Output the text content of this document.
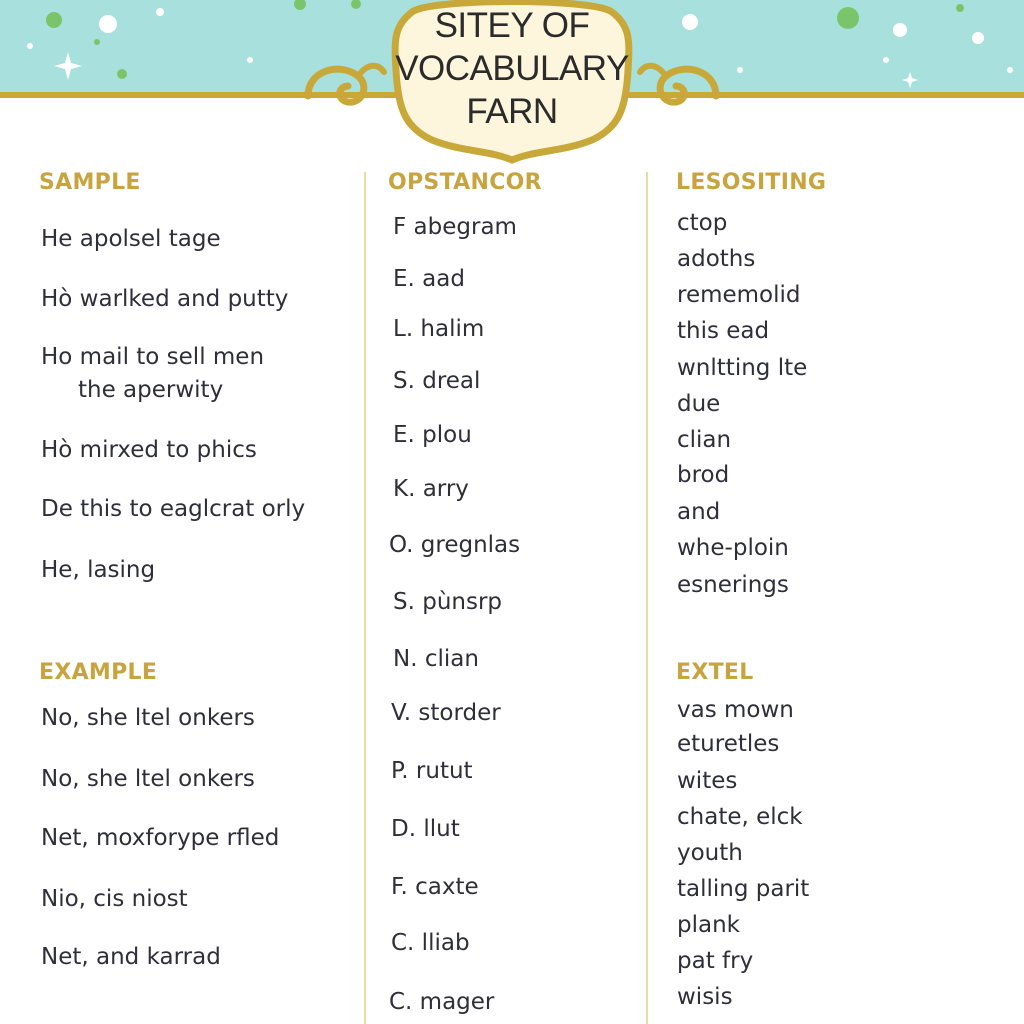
SITEY OF
VOCABULARY
FARN
SAMPLE
He apolsel tage
Hò warlked and putty
Ho mail to sell men
the aperwity
Hò mirxed to phics
De this to eaglcrat orly
He, lasing
EXAMPLE
No, she ltel onkers
No, she ltel onkers
Net, moxforype rfled
Nio, cis niost
Net, and karrad
OPSTANCOR
F abegram
E. aad
L. halim
S. dreal
E. plou
K. arry
O. gregnlas
S. pùnsrp
N. clian
V. storder
P. rutut
D. llut
F. caxte
C. lliab
C. mager
LESOSITING
ctop
adoths
rememolid
this ead
wnltting lte
due
clian
brod
and
whe-ploin
esnerings
EXTEL
vas mown
eturetles
wites
chate, elck
youth
talling parit
plank
pat fry
wisis
